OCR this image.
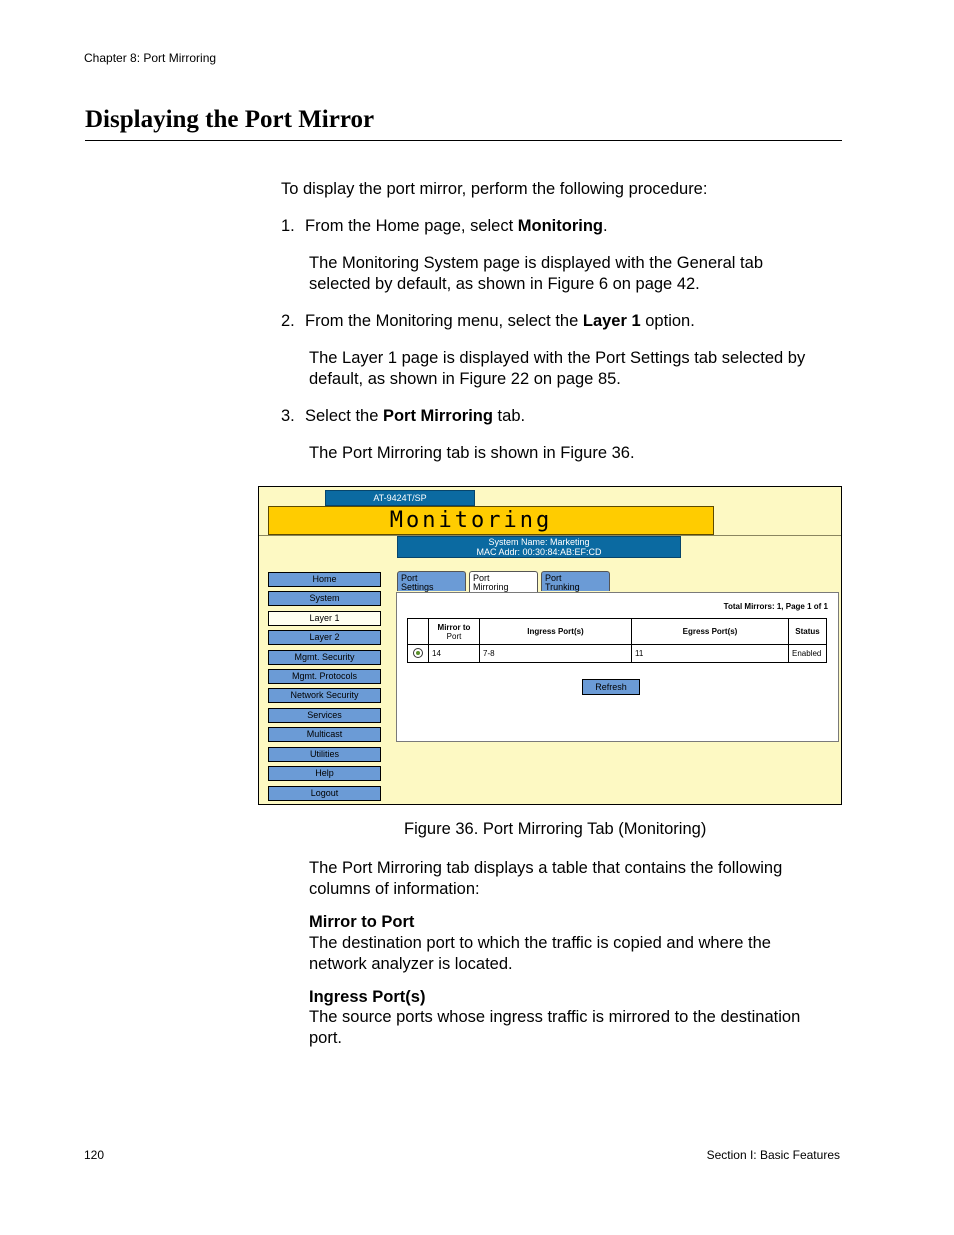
Chapter 8: Port Mirroring
Displaying the Port Mirror

To display the port mirror, perform the following procedure:

1. From the Home page, select Monitoring.

The Monitoring System page is displayed with the General tab
selected by default, as shown in Figure 6 on page 42.

2. From the Monitoring menu, select the Layer 1 option.

The Layer 1 page is displayed with the Port Settings tab selected by
default, as shown in Figure 22 on page 85.

3. Select the Port Mirroring tab.

The Port Mirroring tab is shown in Figure 36.

AT-9424T/SP
Monitoring
System Name: Marketing
MAC Addr: 00:30:84:AB:EF:CD
Home
System
Layer 1
Layer 2
Mgmt. Security
Mgmt. Protocols
Network Security
Services
Multicast
Utilities
Help
Logout
Port
Settings
Port
Mirroring
Port
Trunking
Total Mirrors: 1, Page 1 of 1
	Mirror to
Port	Ingress Port(s)	Egress Port(s)	Status
	14	7-8	11	Enabled
Refresh
Figure 36. Port Mirroring Tab (Monitoring)

The Port Mirroring tab displays a table that contains the following
columns of information:

Mirror to Port

The destination port to which the traffic is copied and where the
network analyzer is located.

Ingress Port(s)

The source ports whose ingress traffic is mirrored to the destination
port.

120	Section I: Basic Features
